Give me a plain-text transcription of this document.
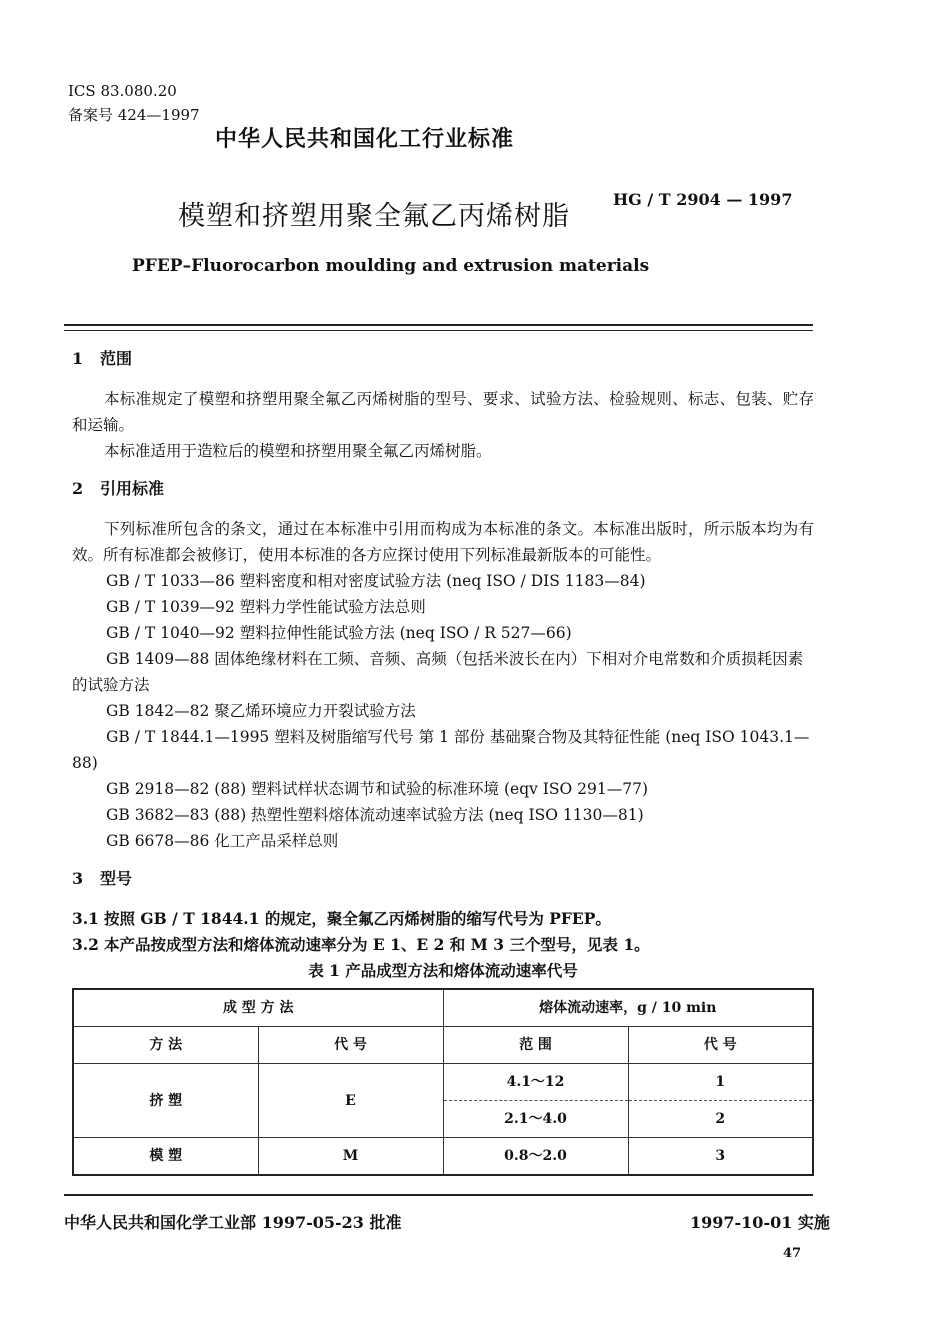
ICS 83.080.20
备案号 424—1997
中华人民共和国化工行业标准
模塑和挤塑用聚全氟乙丙烯树脂
HG / T 2904 — 1997
PFEP–Fluorocarbon moulding and extrusion materials
1 范围

本标准规定了模塑和挤塑用聚全氟乙丙烯树脂的型号、要求、试验方法、检验规则、标志、包装、贮存和运输。

本标准适用于造粒后的模塑和挤塑用聚全氟乙丙烯树脂。

2 引用标准

下列标准所包含的条文，通过在本标准中引用而构成为本标准的条文。本标准出版时，所示版本均为有效。所有标准都会被修订，使用本标准的各方应探讨使用下列标准最新版本的可能性。

GB / T 1033—86 塑料密度和相对密度试验方法 (neq ISO / DIS 1183—84)

GB / T 1039—92 塑料力学性能试验方法总则

GB / T 1040—92 塑料拉伸性能试验方法 (neq ISO / R 527—66)

GB 1409—88 固体绝缘材料在工频、音频、高频（包括米波长在内）下相对介电常数和介质损耗因素的试验方法

GB 1842—82 聚乙烯环境应力开裂试验方法

GB / T 1844.1—1995 塑料及树脂缩写代号 第 1 部份 基础聚合物及其特征性能 (neq ISO 1043.1—88)

GB 2918—82 (88) 塑料试样状态调节和试验的标准环境 (eqv ISO 291—77)

GB 3682—83 (88) 热塑性塑料熔体流动速率试验方法 (neq ISO 1130—81)

GB 6678—86 化工产品采样总则

3 型号

3.1 按照 GB / T 1844.1 的规定，聚全氟乙丙烯树脂的缩写代号为 PFEP。

3.2 本产品按成型方法和熔体流动速率分为 E 1、E 2 和 M 3 三个型号，见表 1。

表 1 产品成型方法和熔体流动速率代号

成 型 方 法		熔体流动速率，g / 10 min	
方 法	代 号	范 围	代 号
挤 塑	E	4.1～12	1
		2.1～4.0	2
模 塑	M	0.8～2.0	3
中华人民共和国化学工业部 1997-05-23 批准	1997-10-01 实施
47
